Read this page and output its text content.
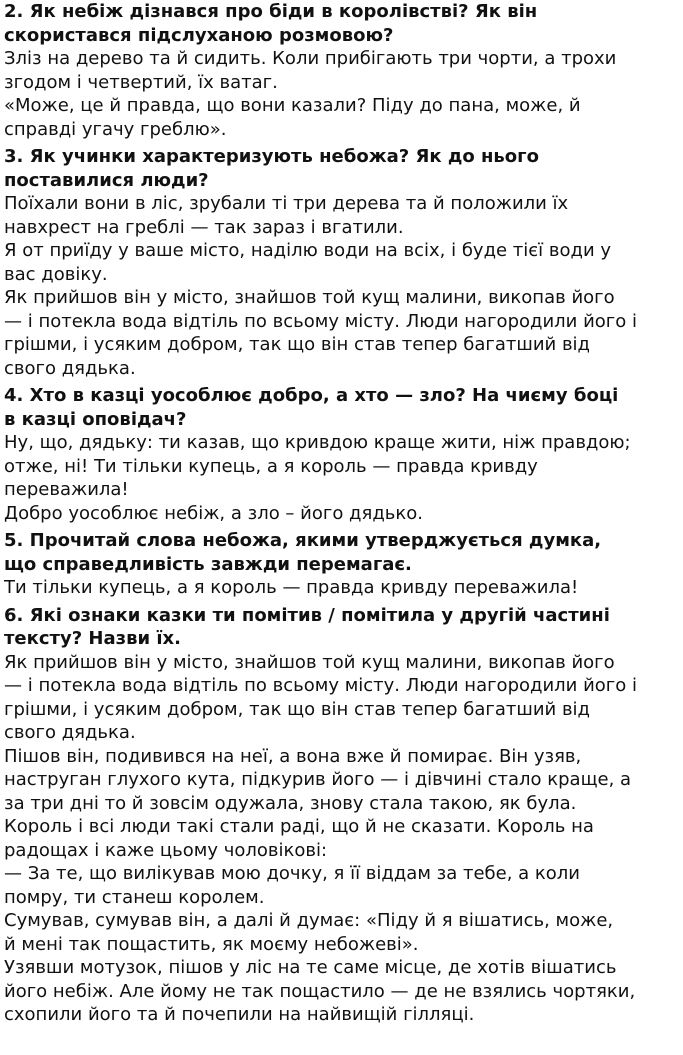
2. Як небіж дізнався про біди в королівстві? Як він
скористався підслуханою розмовою?
Зліз на дерево та й сидить. Коли прибігають три чорти, а трохи
згодом і четвертий, їх ватаг.
«Може, це й правда, що вони казали? Піду до пана, може, й
справді угачу греблю».
3. Як учинки характеризують небожа? Як до нього
поставилися люди?
Поїхали вони в ліс, зрубали ті три дерева та й положили їх
навхрест на греблі — так зараз і вгатили.
Я от приїду у ваше місто, наділю води на всіх, і буде тієї води у
вас довіку.
Як прийшов він у місто, знайшов той кущ малини, викопав його
— і потекла вода відтіль по всьому місту. Люди нагородили його і
грішми, і усяким добром, так що він став тепер багатший від
свого дядька.
4. Хто в казці уособлює добро, а хто — зло? На чиєму боці
в казці оповідач?
Ну, що, дядьку: ти казав, що кривдою краще жити, ніж правдою;
отже, ні! Ти тільки купець, а я король — правда кривду
переважила!
Добро уособлює небіж, а зло – його дядько.
5. Прочитай слова небожа, якими утверджується думка,
що справедливість завжди перемагає.
Ти тільки купець, а я король — правда кривду переважила!
6. Які ознаки казки ти помітив / помітила у другій частині
тексту? Назви їх.
Як прийшов він у місто, знайшов той кущ малини, викопав його
— і потекла вода відтіль по всьому місту. Люди нагородили його і
грішми, і усяким добром, так що він став тепер багатший від
свого дядька.
Пішов він, подивився на неї, а вона вже й помирає. Він узяв,
наструган глухого кута, підкурив його — і дівчині стало краще, а
за три дні то й зовсім одужала, знову стала такою, як була.
Король і всі люди такі стали раді, що й не сказати. Король на
радощах і каже цьому чоловікові:
— За те, що вилікував мою дочку, я її віддам за тебе, а коли
помру, ти станеш королем.
Сумував, сумував він, а далі й думає: «Піду й я вішатись, може,
й мені так пощастить, як моєму небожеві».
Узявши мотузок, пішов у ліс на те саме місце, де хотів вішатись
його небіж. Але йому не так пощастило — де не взялись чортяки,
схопили його та й почепили на найвищій гілляці.
